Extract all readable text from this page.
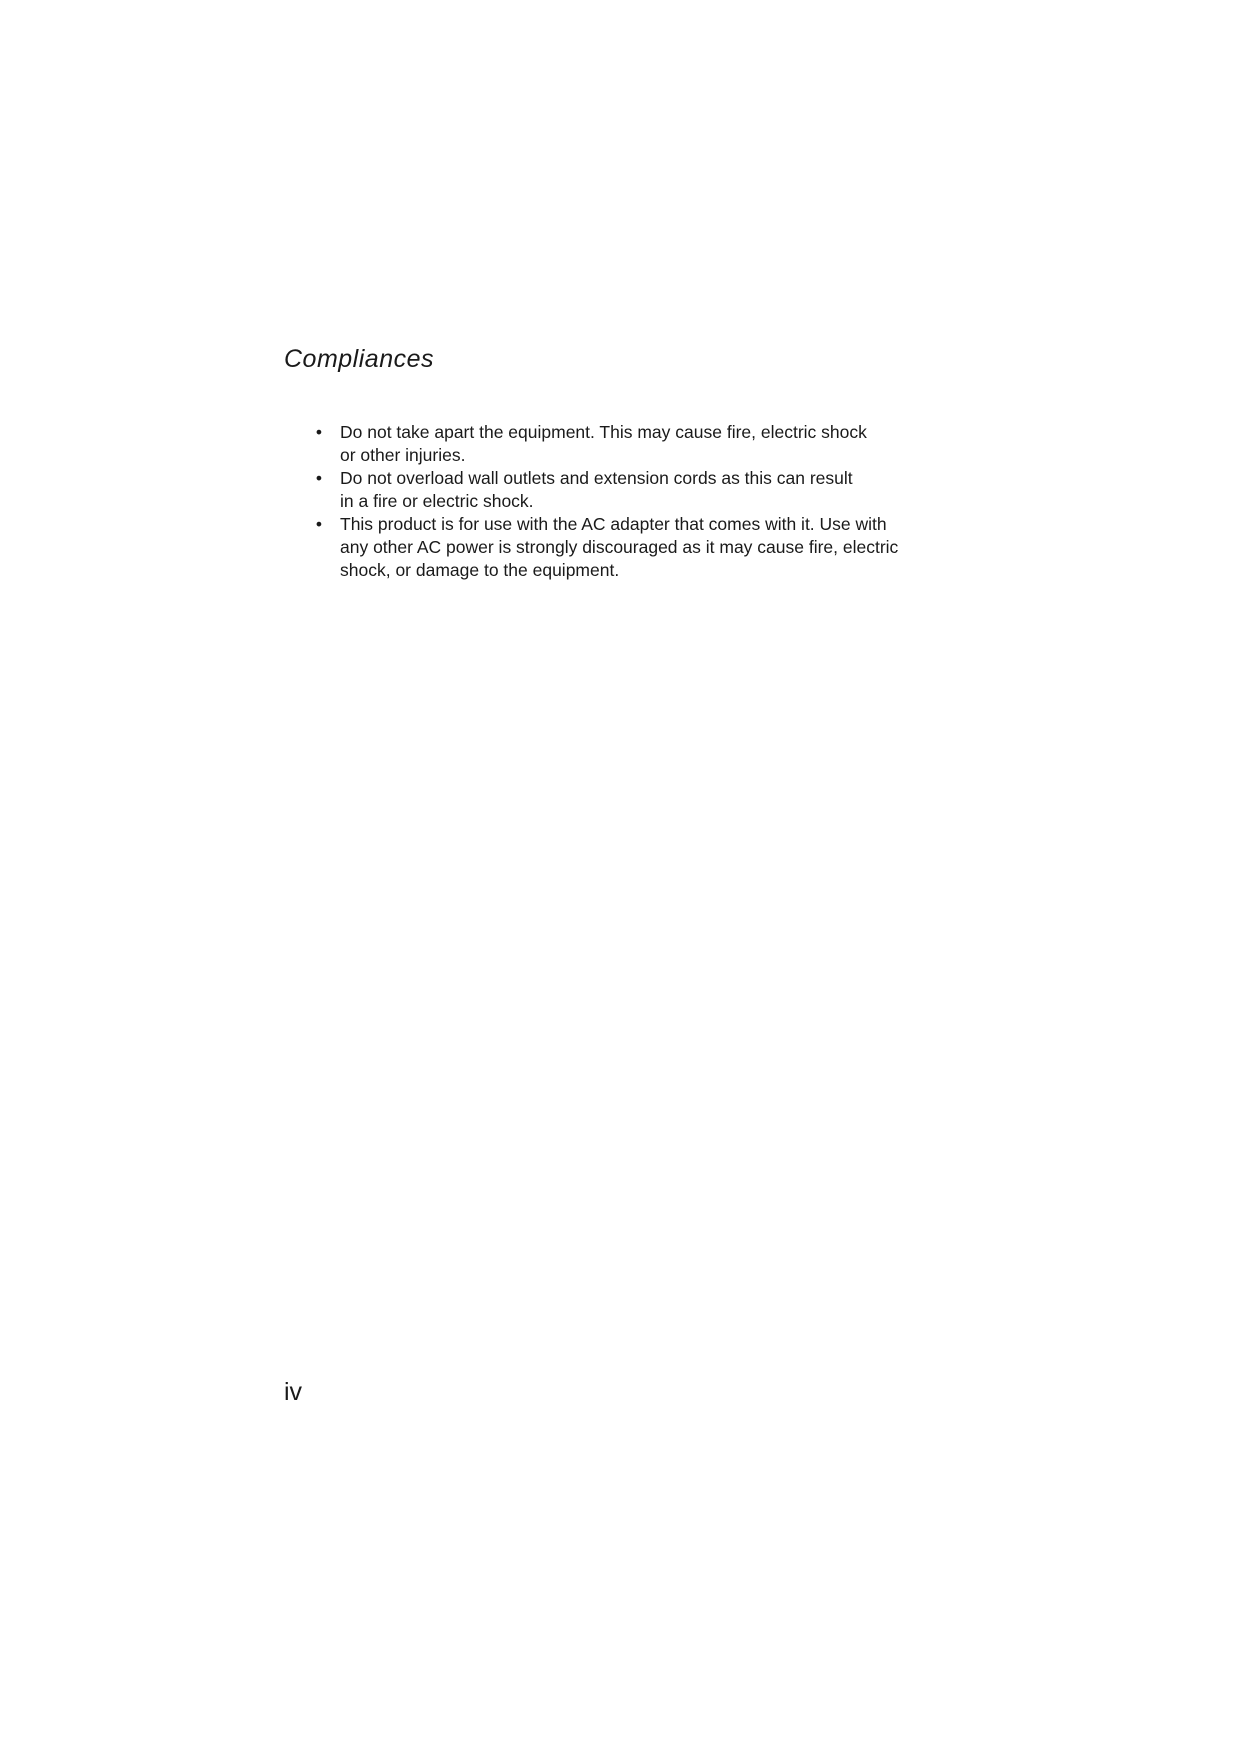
Compliances
• Do not take apart the equipment. This may cause fire, electric shock
or other injuries.
• Do not overload wall outlets and extension cords as this can result
in a fire or electric shock.
• This product is for use with the AC adapter that comes with it. Use with
any other AC power is strongly discouraged as it may cause fire, electric
shock, or damage to the equipment.
iv
